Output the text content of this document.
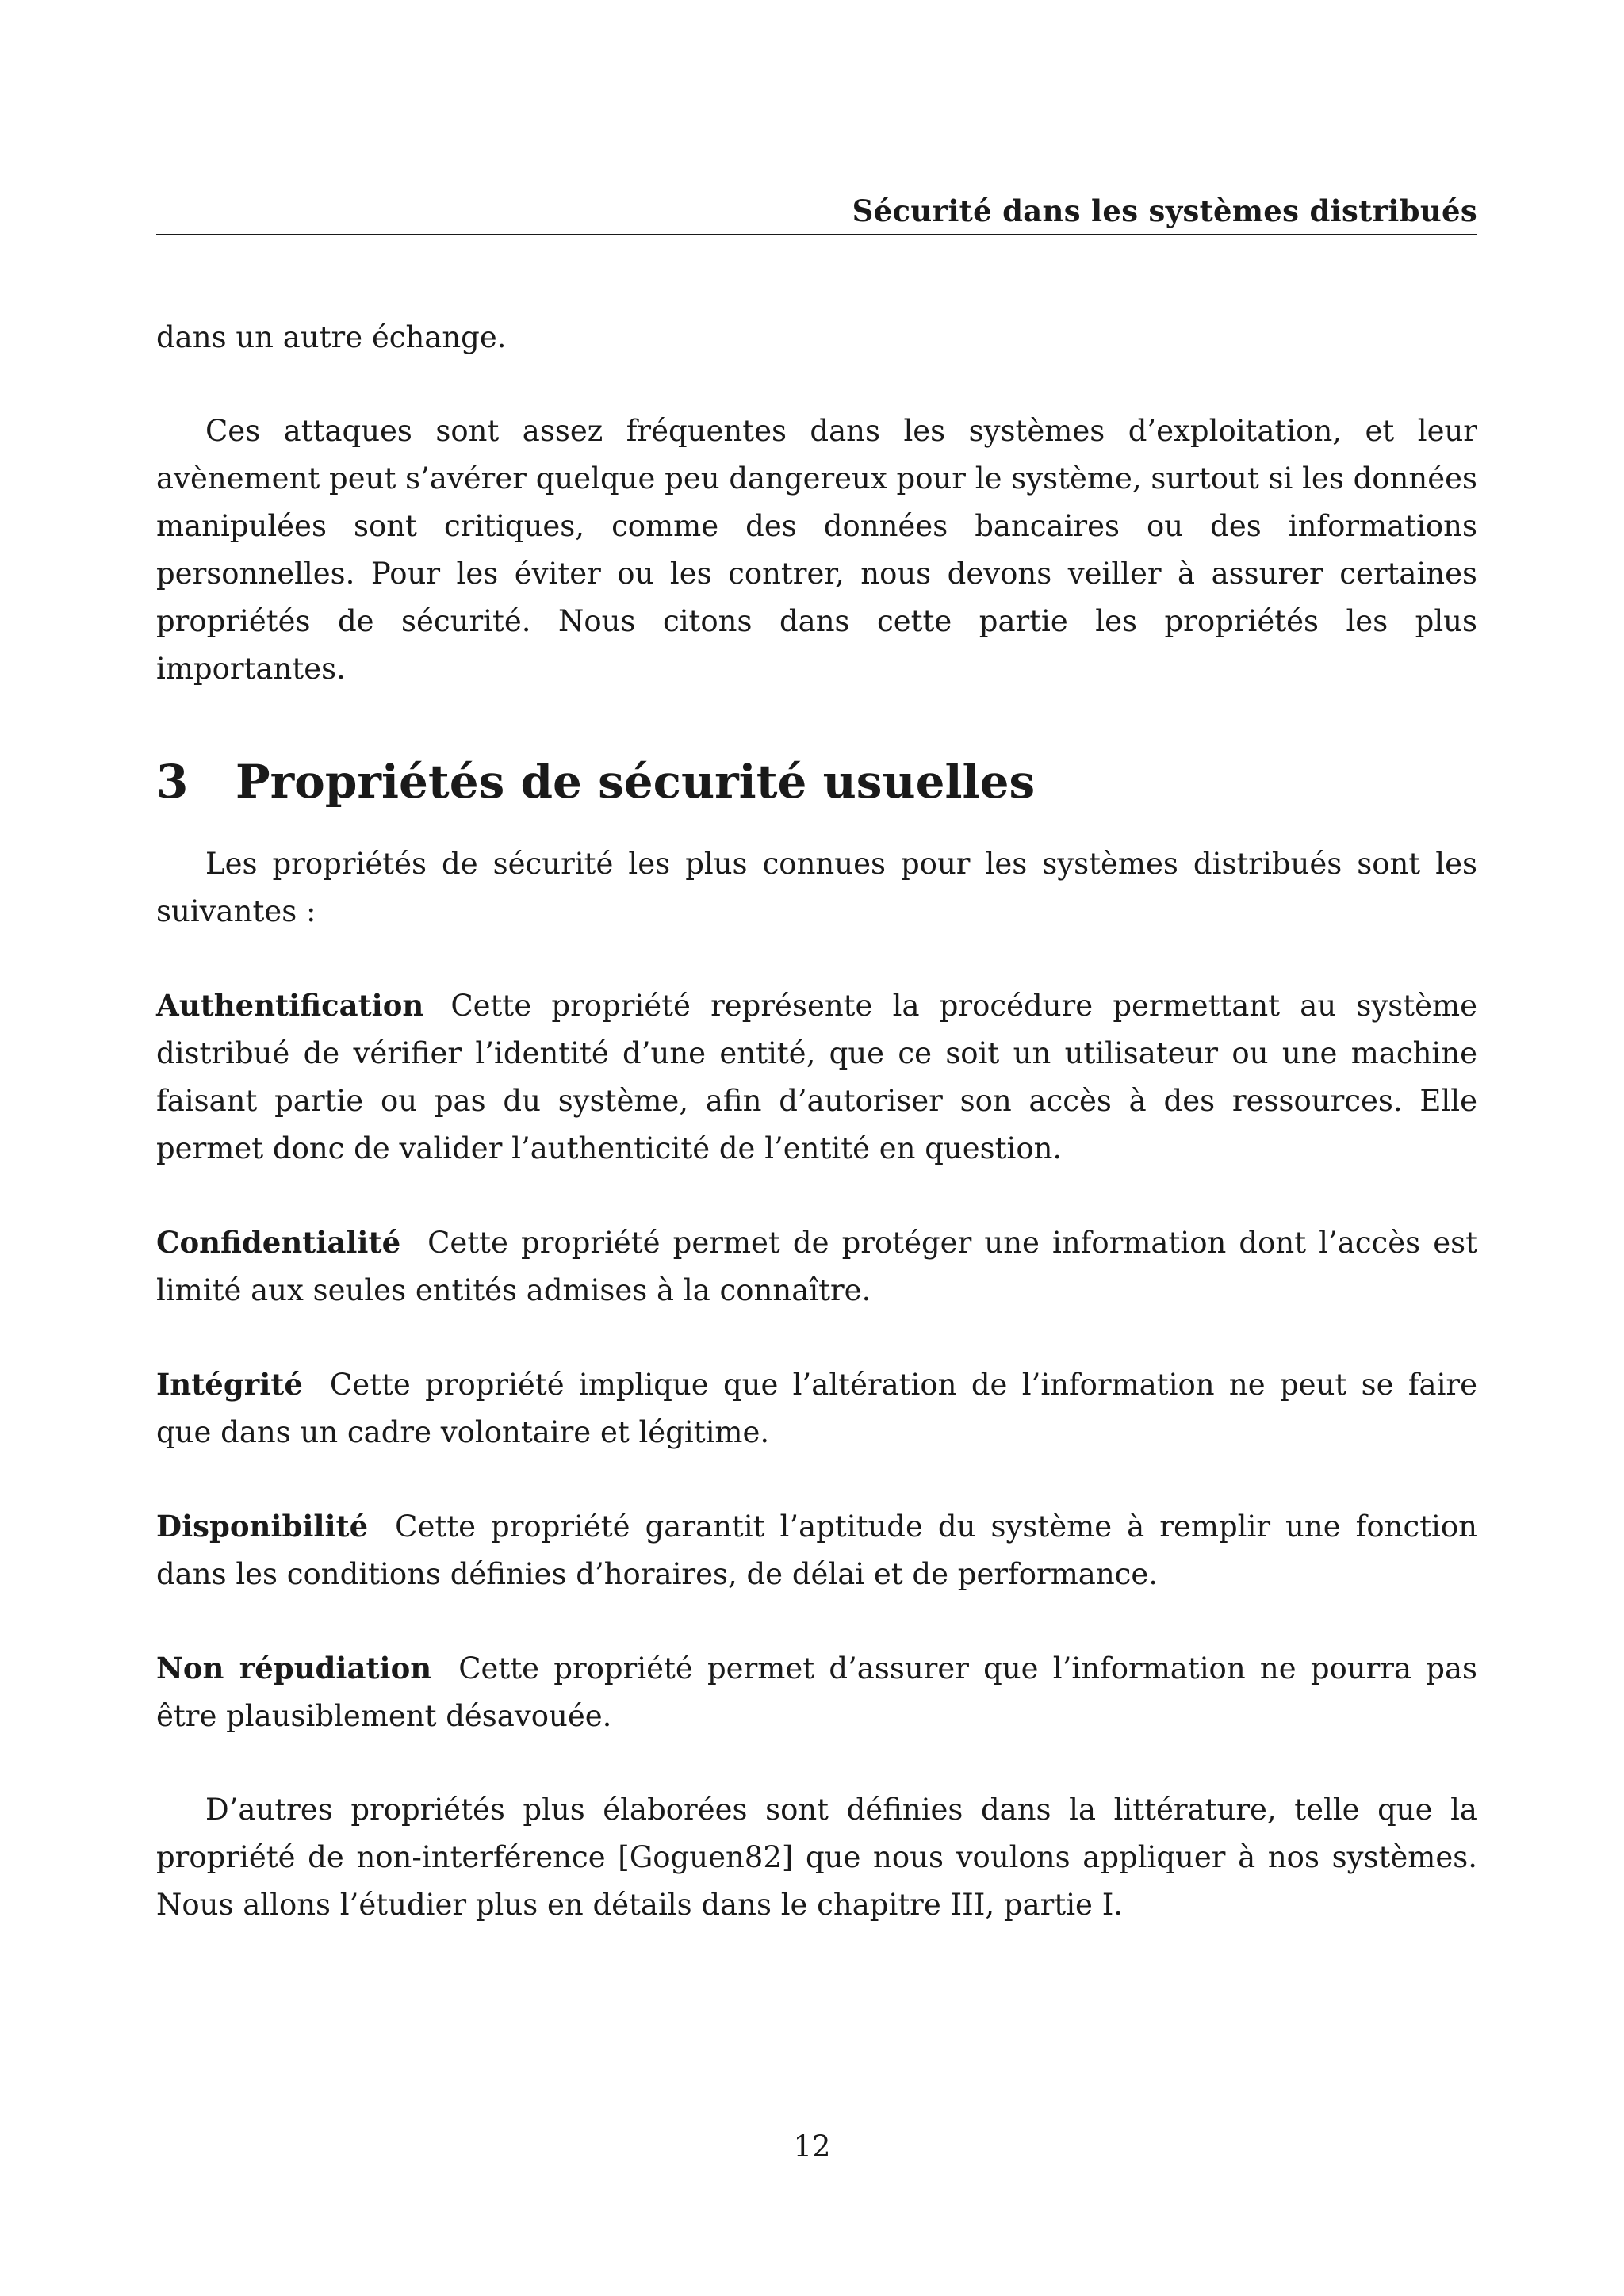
Sécurité dans les systèmes distribués

dans un autre échange.

Ces attaques sont assez fréquentes dans les systèmes d’exploitation, et leur avènement peut s’avérer quelque peu dangereux pour le système, surtout si les données manipulées sont critiques, comme des données bancaires ou des informations personnelles. Pour les éviter ou les contrer, nous devons veiller à assurer certaines propriétés de sécurité. Nous citons dans cette partie les propriétés les plus importantes.

3 Propriétés de sécurité usuelles

Les propriétés de sécurité les plus connues pour les systèmes distribués sont les suivantes :

Authentification Cette propriété représente la procédure permettant au système distribué de vérifier l’identité d’une entité, que ce soit un utilisateur ou une machine faisant partie ou pas du système, afin d’autoriser son accès à des ressources. Elle permet donc de valider l’authenticité de l’entité en question.

Confidentialité Cette propriété permet de protéger une information dont l’accès est limité aux seules entités admises à la connaître.

Intégrité Cette propriété implique que l’altération de l’information ne peut se faire que dans un cadre volontaire et légitime.

Disponibilité Cette propriété garantit l’aptitude du système à remplir une fonction dans les conditions définies d’horaires, de délai et de performance.

Non répudiation Cette propriété permet d’assurer que l’information ne pourra pas être plausiblement désavouée.

D’autres propriétés plus élaborées sont définies dans la littérature, telle que la propriété de non-interférence [Goguen82] que nous voulons appliquer à nos systèmes. Nous allons l’étudier plus en détails dans le chapitre III, partie I.

12
